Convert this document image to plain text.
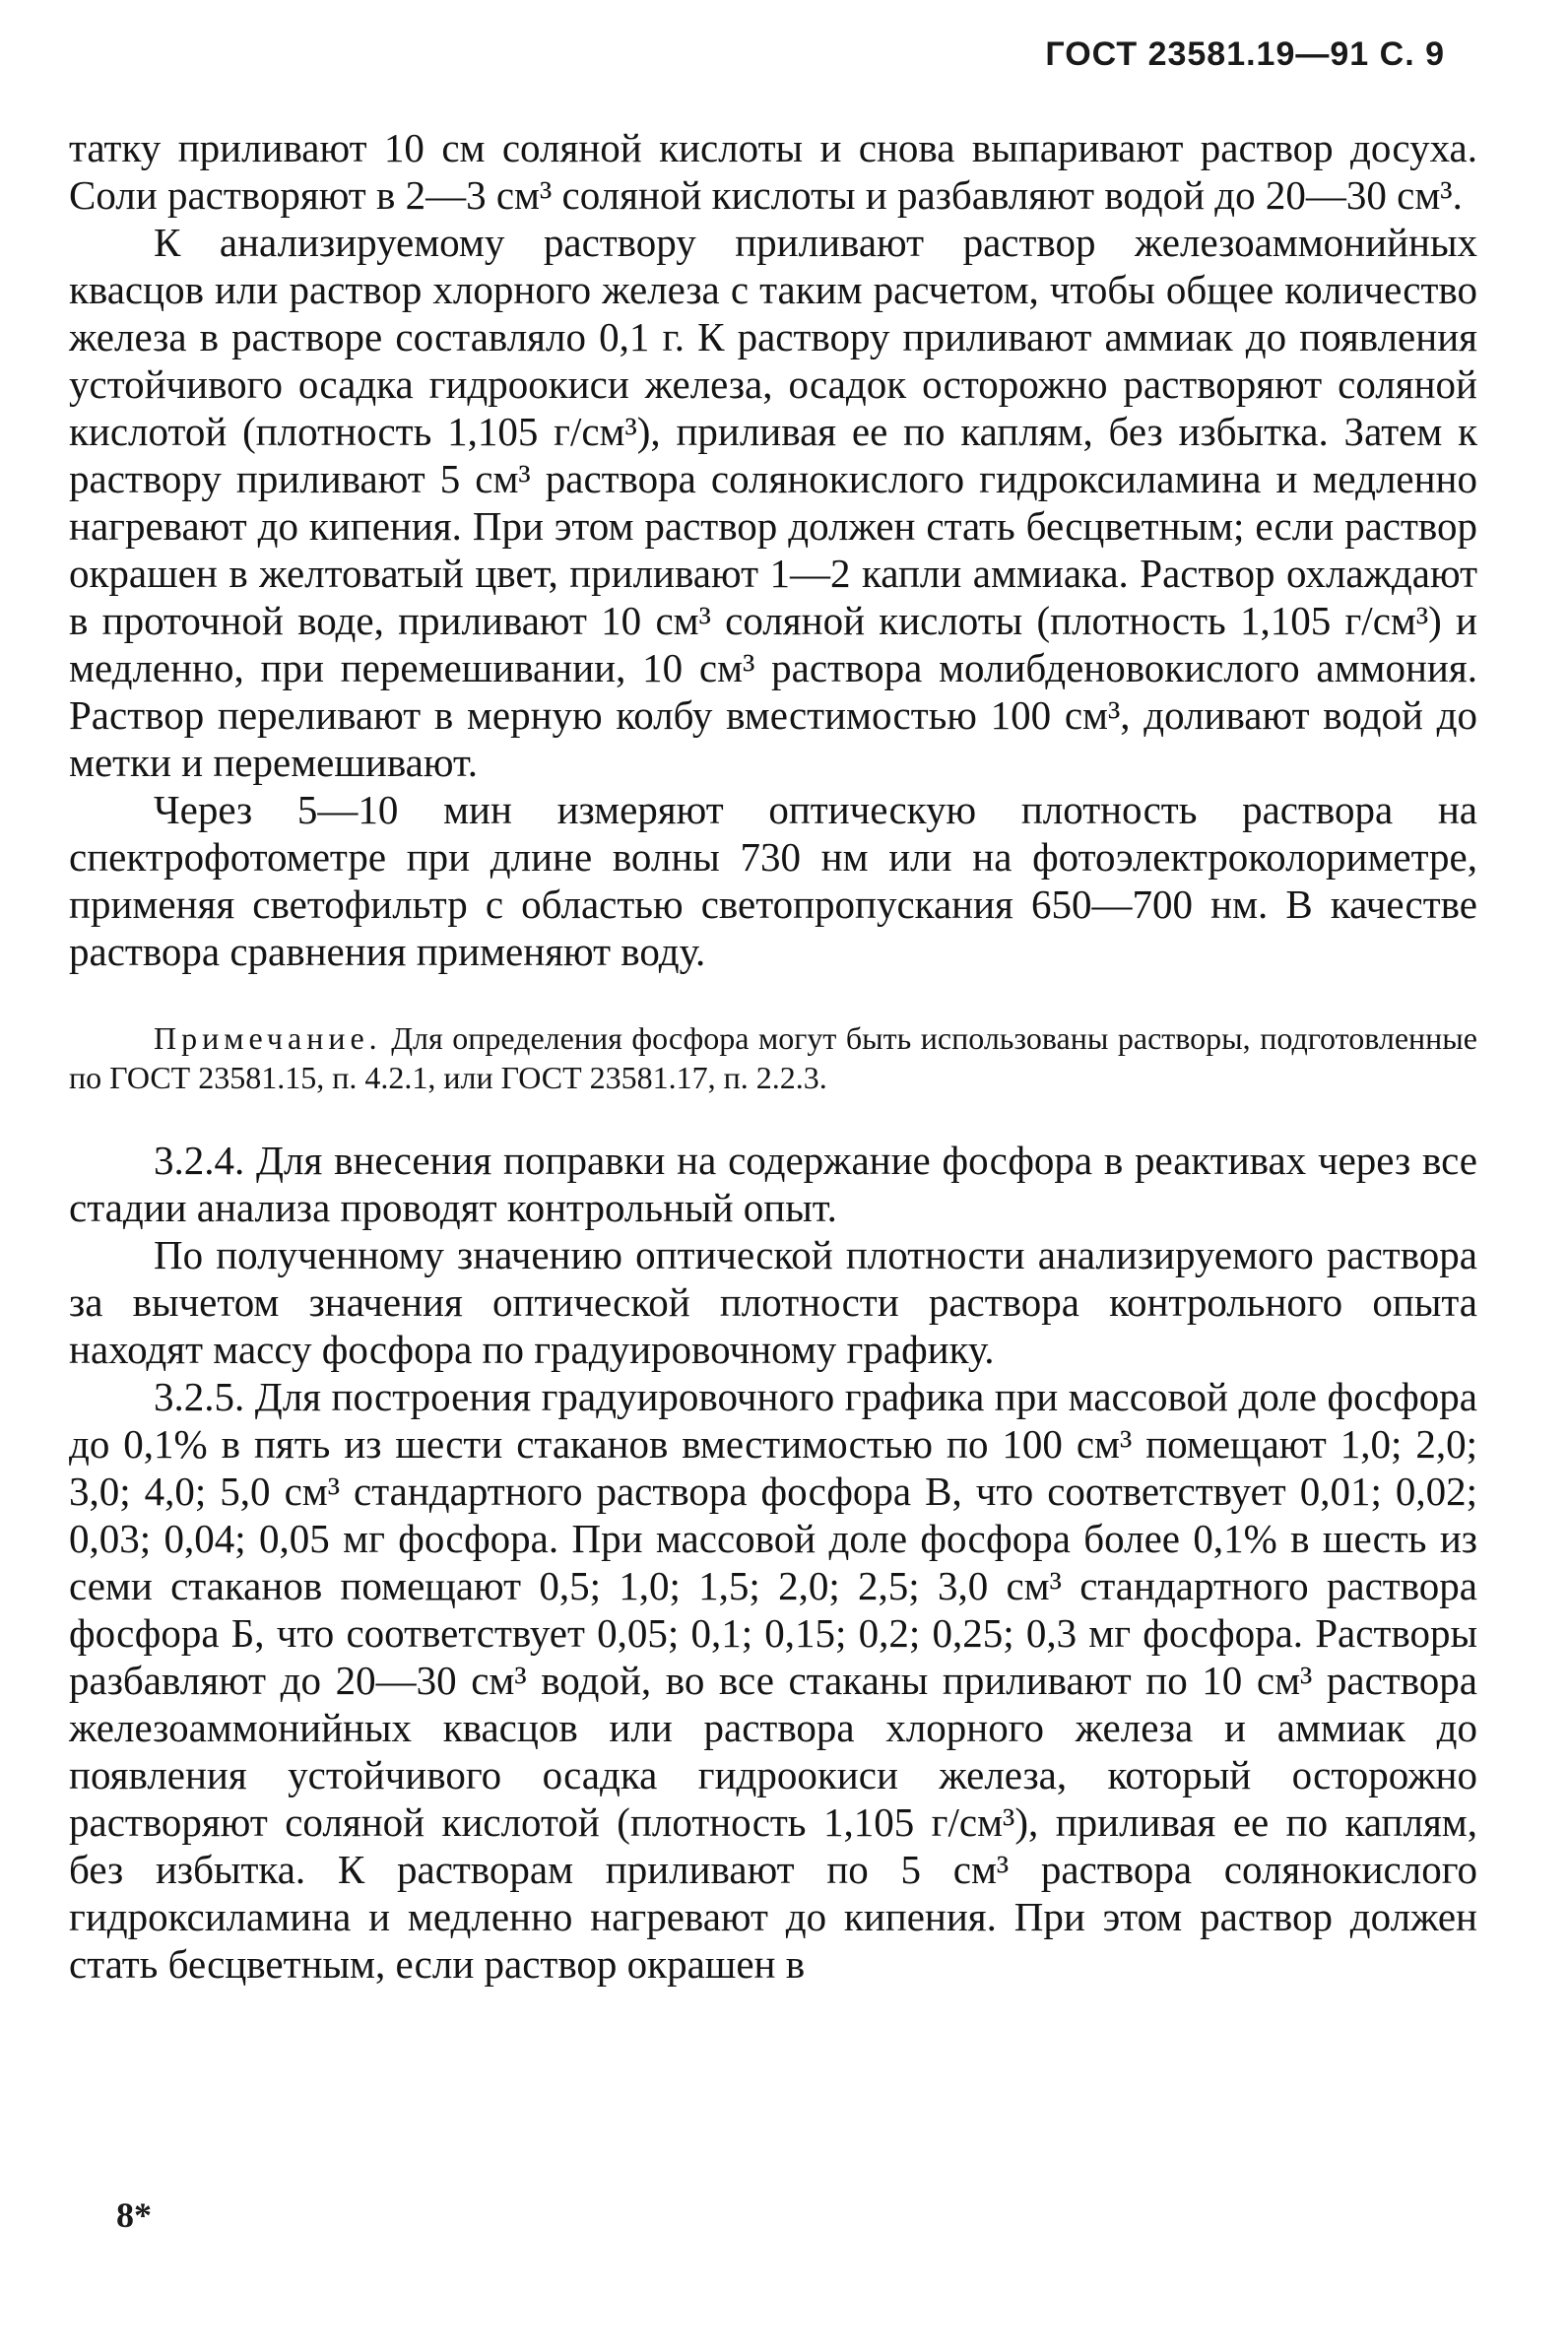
ГОСТ 23581.19—91 С. 9

татку приливают 10 см соляной кислоты и снова выпаривают раствор досуха. Соли растворяют в 2—3 см³ соляной кислоты и разбавляют водой до 20—30 см³.

К анализируемому раствору приливают раствор железоаммонийных квасцов или раствор хлорного железа с таким расчетом, чтобы общее количество железа в растворе составляло 0,1 г. К раствору приливают аммиак до появления устойчивого осадка гидроокиси железа, осадок осторожно растворяют соляной кислотой (плотность 1,105 г/см³), приливая ее по каплям, без избытка. Затем к раствору приливают 5 см³ раствора солянокислого гидроксиламина и медленно нагревают до кипения. При этом раствор должен стать бесцветным; если раствор окрашен в желтоватый цвет, приливают 1—2 капли аммиака. Раствор охлаждают в проточной воде, приливают 10 см³ соляной кислоты (плотность 1,105 г/см³) и медленно, при перемешивании, 10 см³ раствора молибденовокислого аммония. Раствор переливают в мерную колбу вместимостью 100 см³, доливают водой до метки и перемешивают.

Через 5—10 мин измеряют оптическую плотность раствора на спектрофотометре при длине волны 730 нм или на фотоэлектроколориметре, применяя светофильтр с областью светопропускания 650—700 нм. В качестве раствора сравнения применяют воду.

Примечание. Для определения фосфора могут быть использованы растворы, подготовленные по ГОСТ 23581.15, п. 4.2.1, или ГОСТ 23581.17, п. 2.2.3.

3.2.4. Для внесения поправки на содержание фосфора в реактивах через все стадии анализа проводят контрольный опыт.

По полученному значению оптической плотности анализируемого раствора за вычетом значения оптической плотности раствора контрольного опыта находят массу фосфора по градуировочному графику.

3.2.5. Для построения градуировочного графика при массовой доле фосфора до 0,1% в пять из шести стаканов вместимостью по 100 см³ помещают 1,0; 2,0; 3,0; 4,0; 5,0 см³ стандартного раствора фосфора В, что соответствует 0,01; 0,02; 0,03; 0,04; 0,05 мг фосфора. При массовой доле фосфора более 0,1% в шесть из семи стаканов помещают 0,5; 1,0; 1,5; 2,0; 2,5; 3,0 см³ стандартного раствора фосфора Б, что соответствует 0,05; 0,1; 0,15; 0,2; 0,25; 0,3 мг фосфора. Растворы разбавляют до 20—30 см³ водой, во все стаканы приливают по 10 см³ раствора железоаммонийных квасцов или раствора хлорного железа и аммиак до появления устойчивого осадка гидроокиси железа, который осторожно растворяют соляной кислотой (плотность 1,105 г/см³), приливая ее по каплям, без избытка. К растворам приливают по 5 см³ раствора солянокислого гидроксиламина и медленно нагревают до кипения. При этом раствор должен стать бесцветным, если раствор окрашен в

8*
